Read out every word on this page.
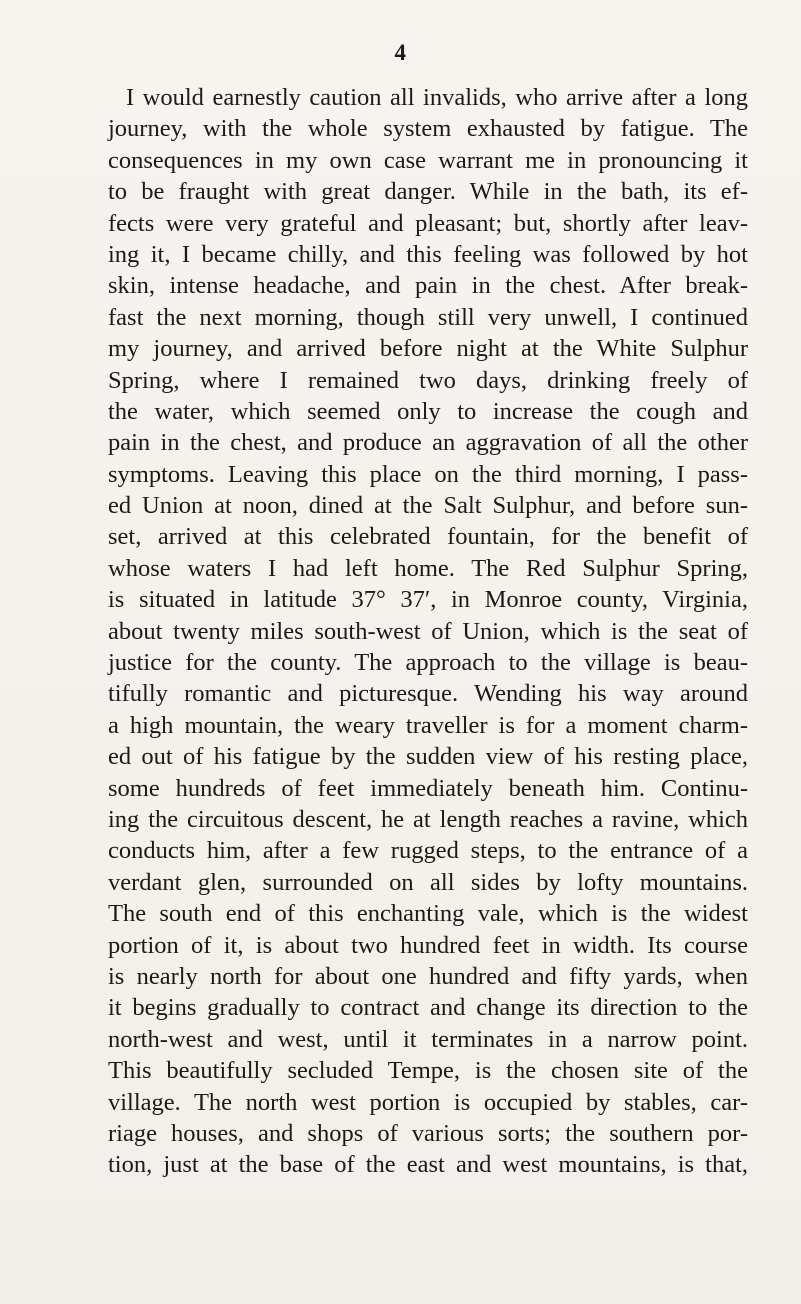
4
I would earnestly caution all invalids, who arrive after a long
journey, with the whole system exhausted by fatigue. The
consequences in my own case warrant me in pronouncing it
to be fraught with great danger. While in the bath, its ef-
fects were very grateful and pleasant; but, shortly after leav-
ing it, I became chilly, and this feeling was followed by hot
skin, intense headache, and pain in the chest. After break-
fast the next morning, though still very unwell, I continued
my journey, and arrived before night at the White Sulphur
Spring, where I remained two days, drinking freely of
the water, which seemed only to increase the cough and
pain in the chest, and produce an aggravation of all the other
symptoms. Leaving this place on the third morning, I pass-
ed Union at noon, dined at the Salt Sulphur, and before sun-
set, arrived at this celebrated fountain, for the benefit of
whose waters I had left home. The Red Sulphur Spring,
is situated in latitude 37° 37′, in Monroe county, Virginia,
about twenty miles south-west of Union, which is the seat of
justice for the county. The approach to the village is beau-
tifully romantic and picturesque. Wending his way around
a high mountain, the weary traveller is for a moment charm-
ed out of his fatigue by the sudden view of his resting place,
some hundreds of feet immediately beneath him. Continu-
ing the circuitous descent, he at length reaches a ravine, which
conducts him, after a few rugged steps, to the entrance of a
verdant glen, surrounded on all sides by lofty mountains.
The south end of this enchanting vale, which is the widest
portion of it, is about two hundred feet in width. Its course
is nearly north for about one hundred and fifty yards, when
it begins gradually to contract and change its direction to the
north-west and west, until it terminates in a narrow point.
This beautifully secluded Tempe, is the chosen site of the
village. The north west portion is occupied by stables, car-
riage houses, and shops of various sorts; the southern por-
tion, just at the base of the east and west mountains, is that,
